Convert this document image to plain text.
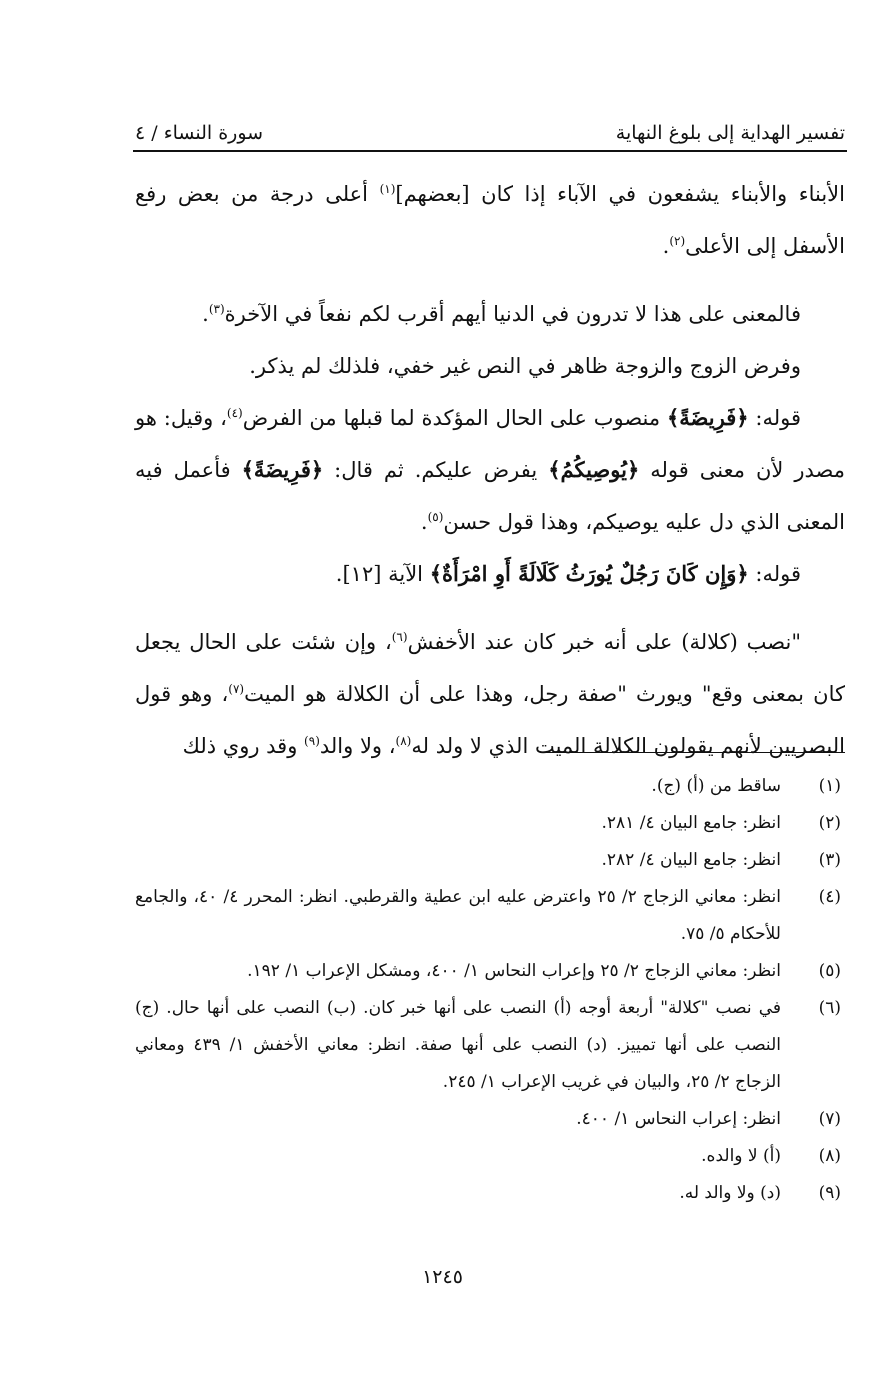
تفسير الهداية إلى بلوغ النهاية
سورة النساء / ٤

الأبناء والأبناء يشفعون في الآباء إذا كان [بعضهم]$^{(١)}$ أعلى درجة من بعض رفع الأسفل إلى الأعلى$^{(٢)}$.

فالمعنى على هذا لا تدرون في الدنيا أيهم أقرب لكم نفعاً في الآخرة$^{(٣)}$.

وفرض الزوج والزوجة ظاهر في النص غير خفي، فلذلك لم يذكر.

قوله: ﴿فَرِيضَةً﴾ منصوب على الحال المؤكدة لما قبلها من الفرض$^{(٤)}$، وقيل: هو مصدر لأن معنى قوله ﴿يُوصِيكُمُ﴾ يفرض عليكم. ثم قال: ﴿فَرِيضَةً﴾ فأعمل فيه المعنى الذي دل عليه يوصيكم، وهذا قول حسن$^{(٥)}$.

قوله: ﴿وَإِن كَانَ رَجُلٌ يُورَثُ كَلَالَةً أَوِ امْرَأَةٌ﴾ الآية [١٢].

"نصب (كلالة) على أنه خبر كان عند الأخفش$^{(٦)}$، وإن شئت على الحال يجعل كان بمعنى وقع" ويورث "صفة رجل، وهذا على أن الكلالة هو الميت$^{(٧)}$، وهو قول البصريين لأنهم يقولون الكلالة الميت الذي لا ولد له$^{(٨)}$، ولا والد$^{(٩)}$ وقد روي ذلك

(١)
ساقط من (أ) (ج).
(٢)
انظر: جامع البيان ٤/ ٢٨١.
(٣)
انظر: جامع البيان ٤/ ٢٨٢.
(٤)
انظر: معاني الزجاج ٢/ ٢٥ واعترض عليه ابن عطية والقرطبي. انظر: المحرر ٤/ ٤٠، والجامع للأحكام ٥/ ٧٥.
(٥)
انظر: معاني الزجاج ٢/ ٢٥ وإعراب النحاس ١/ ٤٠٠، ومشكل الإعراب ١/ ١٩٢.
(٦)
في نصب "كلالة" أربعة أوجه (أ) النصب على أنها خبر كان. (ب) النصب على أنها حال. (ج) النصب على أنها تمييز. (د) النصب على أنها صفة. انظر: معاني الأخفش ١/ ٤٣٩ ومعاني الزجاج ٢/ ٢٥، والبيان في غريب الإعراب ١/ ٢٤٥.
(٧)
انظر: إعراب النحاس ١/ ٤٠٠.
(٨)
(أ) لا والده.
(٩)
(د) ولا والد له.
١٢٤٥
